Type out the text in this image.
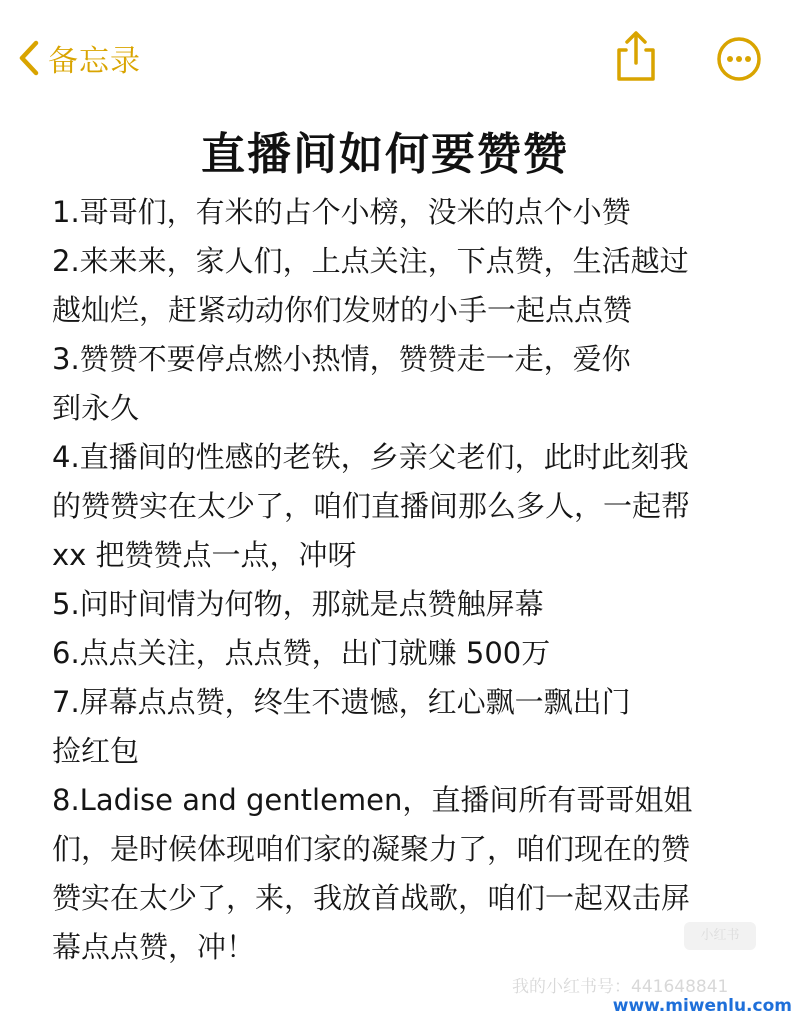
备忘录
直播间如何要赞赞
1.哥哥们，有米的占个小榜，没米的点个小赞
2.来来来，家人们，上点关注，下点赞，生活越过
越灿烂，赶紧动动你们发财的小手一起点点赞
3.赞赞不要停点燃小热情，赞赞走一走，爱你
到永久
4.直播间的性感的老铁，乡亲父老们，此时此刻我
的赞赞实在太少了，咱们直播间那么多人，一起帮
xx 把赞赞点一点，冲呀
5.问时间情为何物，那就是点赞触屏幕
6.点点关注，点点赞，出门就赚 500万
7.屏幕点点赞，终生不遗憾，红心飘一飘出门
捡红包
8.Ladise and gentlemen，直播间所有哥哥姐姐
们，是时候体现咱们家的凝聚力了，咱们现在的赞
赞实在太少了，来，我放首战歌，咱们一起双击屏
幕点点赞，冲！	小红书
我的小红书号：441648841
www.miwenlu.com
